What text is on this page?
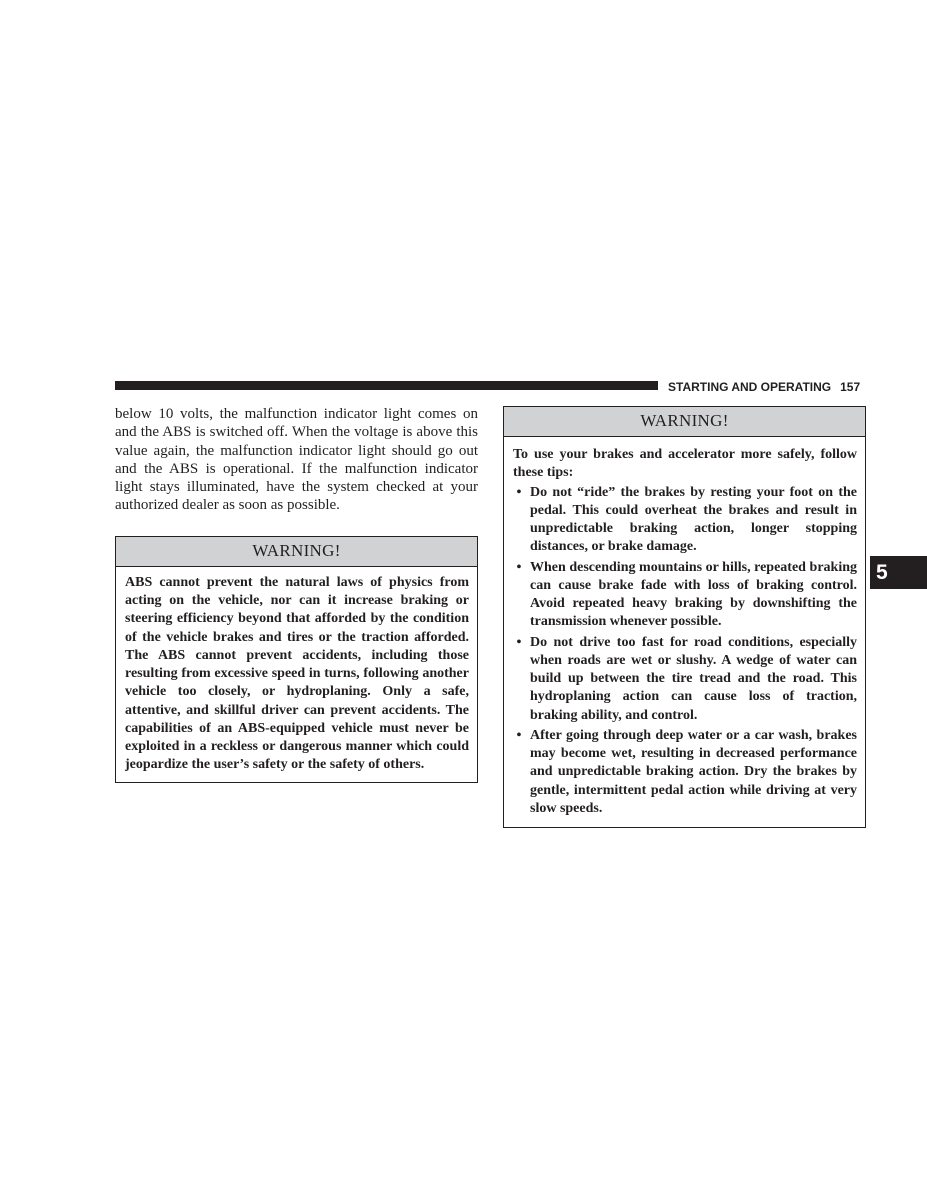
STARTING AND OPERATING 157
5

below 10 volts, the malfunction indicator light comes on and the ABS is switched off. When the voltage is above this value again, the malfunction indicator light should go out and the ABS is operational. If the malfunction indicator light stays illuminated, have the system checked at your authorized dealer as soon as possible.

WARNING!

ABS cannot prevent the natural laws of physics from acting on the vehicle, nor can it increase braking or steering efficiency beyond that afforded by the condition of the vehicle brakes and tires or the traction afforded. The ABS cannot prevent accidents, including those resulting from excessive speed in turns, following another vehicle too closely, or hydroplaning. Only a safe, attentive, and skillful driver can prevent accidents. The capabilities of an ABS-equipped vehicle must never be exploited in a reckless or dangerous manner which could jeopardize the user’s safety or the safety of others.

WARNING!

To use your brakes and accelerator more safely, follow these tips:

• Do not “ride” the brakes by resting your foot on the pedal. This could overheat the brakes and result in unpredictable braking action, longer stopping distances, or brake damage.
• When descending mountains or hills, repeated braking can cause brake fade with loss of braking control. Avoid repeated heavy braking by downshifting the transmission whenever possible.
• Do not drive too fast for road conditions, especially when roads are wet or slushy. A wedge of water can build up between the tire tread and the road. This hydroplaning action can cause loss of traction, braking ability, and control.
• After going through deep water or a car wash, brakes may become wet, resulting in decreased performance and unpredictable braking action. Dry the brakes by gentle, intermittent pedal action while driving at very slow speeds.
